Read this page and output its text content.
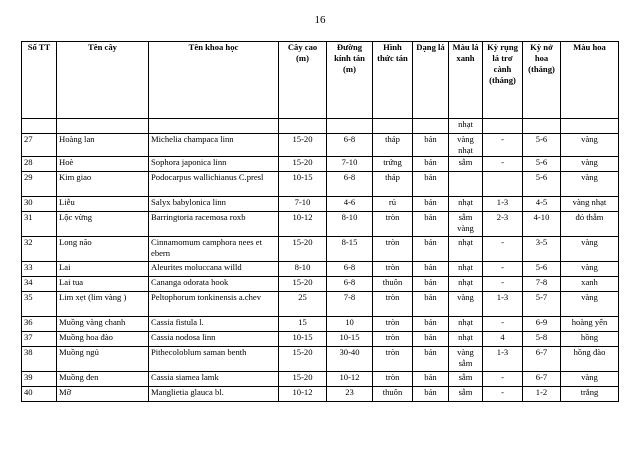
16
Số TT	Tên cây	Tên khoa học	Cây cao (m)	Đường kính tán (m)	Hình thức tán	Dạng lá	Màu lá xanh	Kỳ rụng lá trơ cành (tháng)	Kỳ nở hoa (tháng)	Màu hoa
							nhạt			
27	Hoàng lan	Michelia champaca linn	15-20	6-8	tháp	bản	vàng nhạt	-	5-6	vàng
28	Hoè	Sophora japonica linn	15-20	7-10	trứng	bản	sẫm	-	5-6	vàng
29	Kim giao	Podocarpus wallichianus C.presl	10-15	6-8	tháp	bản			5-6	vàng
30	Liễu	Salyx babylonica linn	7-10	4-6	rủ	bản	nhạt	1-3	4-5	vàng nhạt
31	Lộc vừng	Barringtoria racemosa roxb	10-12	8-10	tròn	bản	sẫm vàng	2-3	4-10	đỏ thẫm
32	Long não	Cinnamomum camphora nees et ebern	15-20	8-15	tròn	bản	nhạt	-	3-5	vàng
33	Lai	Aleurites moluccana willd	8-10	6-8	tròn	bản	nhạt	-	5-6	vàng
34	Lai tua	Cananga odorata hook	15-20	6-8	thuôn	bản	nhạt	-	7-8	xanh
35	Lim xẹt (lim vàng )	Peltophorum tonkinensis a.chev	25	7-8	tròn	bản	vàng	1-3	5-7	vàng
36	Muồng vàng chanh	Cassia fistula l.	15	10	tròn	bản	nhạt	-	6-9	hoàng yến
37	Muồng hoa đào	Cassia nodosa linn	10-15	10-15	tròn	bản	nhạt	4	5-8	hồng
38	Muồng ngủ	Pithecoloblum saman benth	15-20	30-40	tròn	bản	vàng sẫm	1-3	6-7	hồng đào
39	Muồng đen	Cassia siamea lamk	15-20	10-12	tròn	bản	sẫm	-	6-7	vàng
40	Mỡ	Manglietia glauca bl.	10-12	23	thuôn	bản	sẫm	-	1-2	trắng
